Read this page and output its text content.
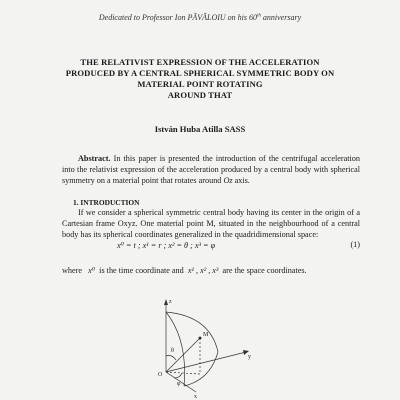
Dedicated to Professor Ion PĂVĂLOIU on his 60th anniversary
THE RELATIVIST EXPRESSION OF THE ACCELERATION
PRODUCED BY A CENTRAL SPHERICAL SYMMETRIC BODY ON
MATERIAL POINT ROTATING
AROUND THAT
István Huba Atilla SASS
Abstract. In this paper is presented the introduction of the centrifugal acceleration into the relativist expression of the acceleration produced by a central body with spherical symmetry on a material point that rotates around Oz axis.
1. INTRODUCTION
If we consider a spherical symmetric central body having its center in the origin of a Cartesian frame Oxyz. One material point M, situated in the neighbourhood of a central body has its spherical coordinates generalized in the quadridimensional space:
x⁰ = t ; x¹ = r ; x² = θ ; x³ = φ	(1)
where x⁰ is the time coordinate and x¹ , x² , x³ are the space coordinates.
z
M
y
x
O
θ
φ
